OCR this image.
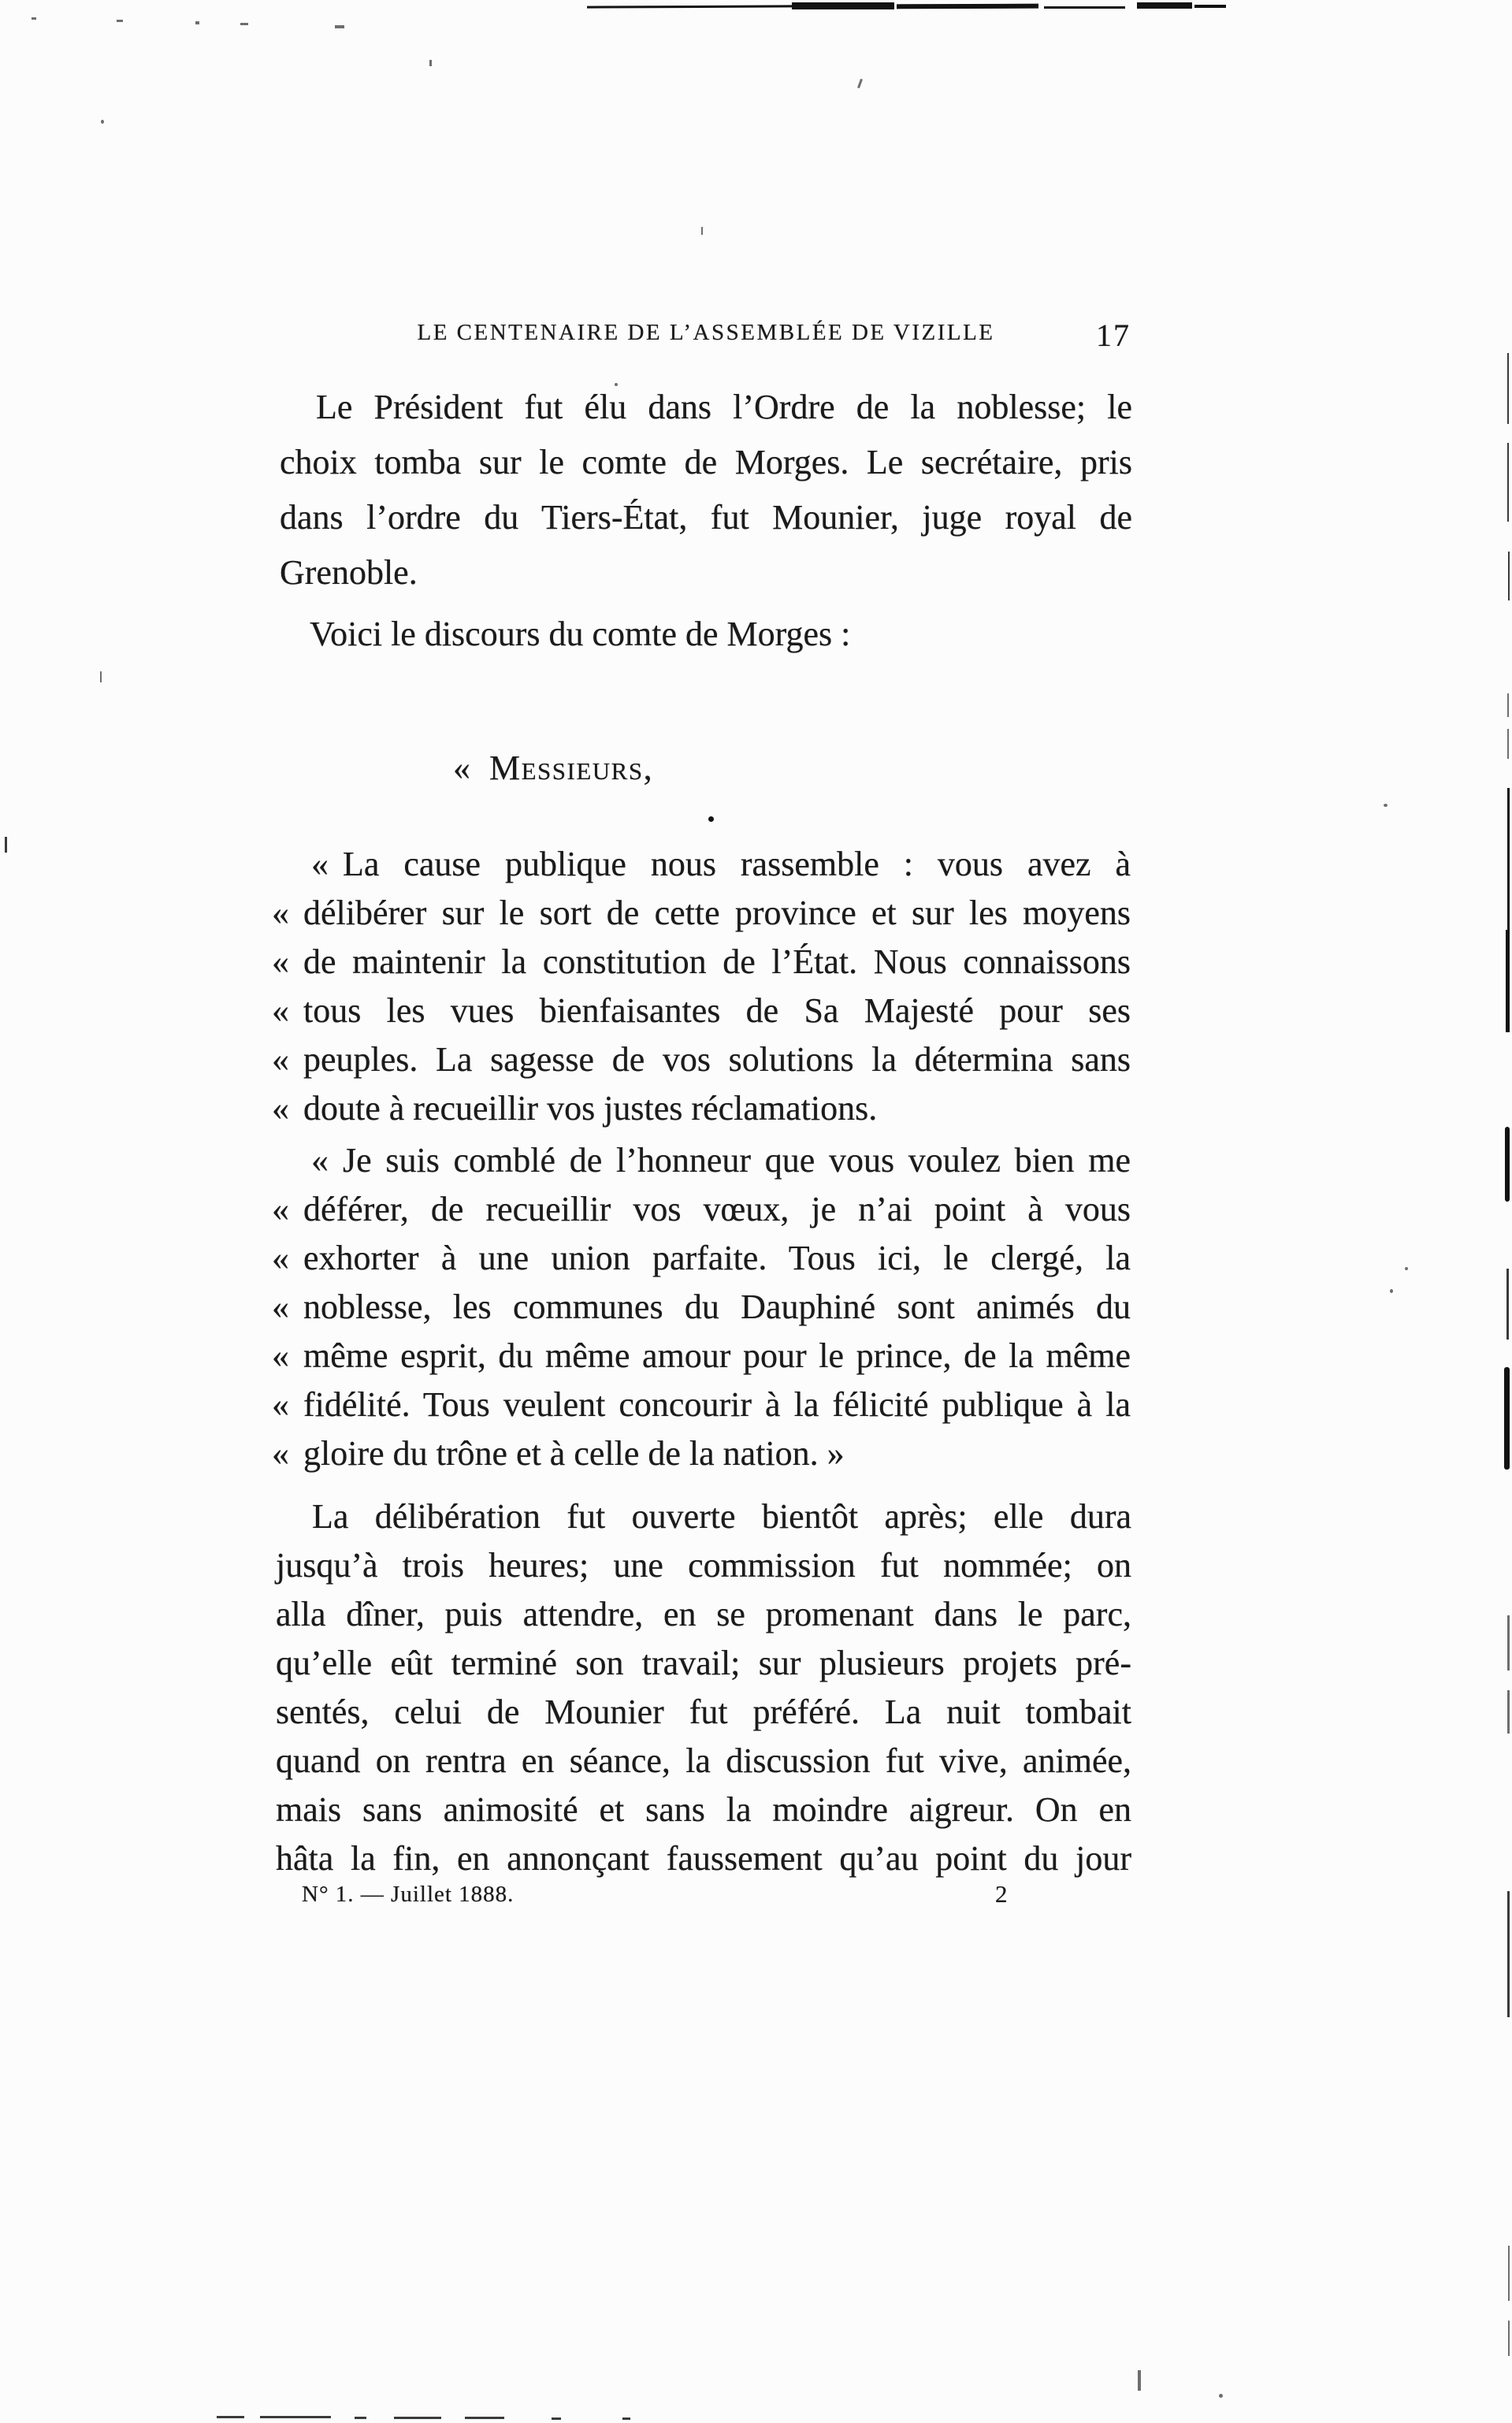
LE CENTENAIRE DE L’ASSEMBLÉE DE VIZILLE	17
Le Président fut élu dans l’Ordre de la noblesse; le
choix tomba sur le comte de Morges. Le secrétaire, pris
dans l’ordre du Tiers-État, fut Mounier, juge royal de
Grenoble.
Voici le discours du comte de Morges :
« Messieurs,
« La cause publique nous rassemble : vous avez à
« délibérer sur le sort de cette province et sur les moyens
« de maintenir la constitution de l’État. Nous connaissons
« tous les vues bienfaisantes de Sa Majesté pour ses
« peuples. La sagesse de vos solutions la détermina sans
« doute à recueillir vos justes réclamations.
« Je suis comblé de l’honneur que vous voulez bien me
« déférer, de recueillir vos vœux, je n’ai point à vous
« exhorter à une union parfaite. Tous ici, le clergé, la
« noblesse, les communes du Dauphiné sont animés du
« même esprit, du même amour pour le prince, de la même
« fidélité. Tous veulent concourir à la félicité publique à la
« gloire du trône et à celle de la nation. »
La délibération fut ouverte bientôt après; elle dura
jusqu’à trois heures; une commission fut nommée; on
alla dîner, puis attendre, en se promenant dans le parc,
qu’elle eût terminé son travail; sur plusieurs projets pré-
sentés, celui de Mounier fut préféré. La nuit tombait
quand on rentra en séance, la discussion fut vive, animée,
mais sans animosité et sans la moindre aigreur. On en
hâta la fin, en annonçant faussement qu’au point du jour
N° 1. — Juillet 1888.	2
